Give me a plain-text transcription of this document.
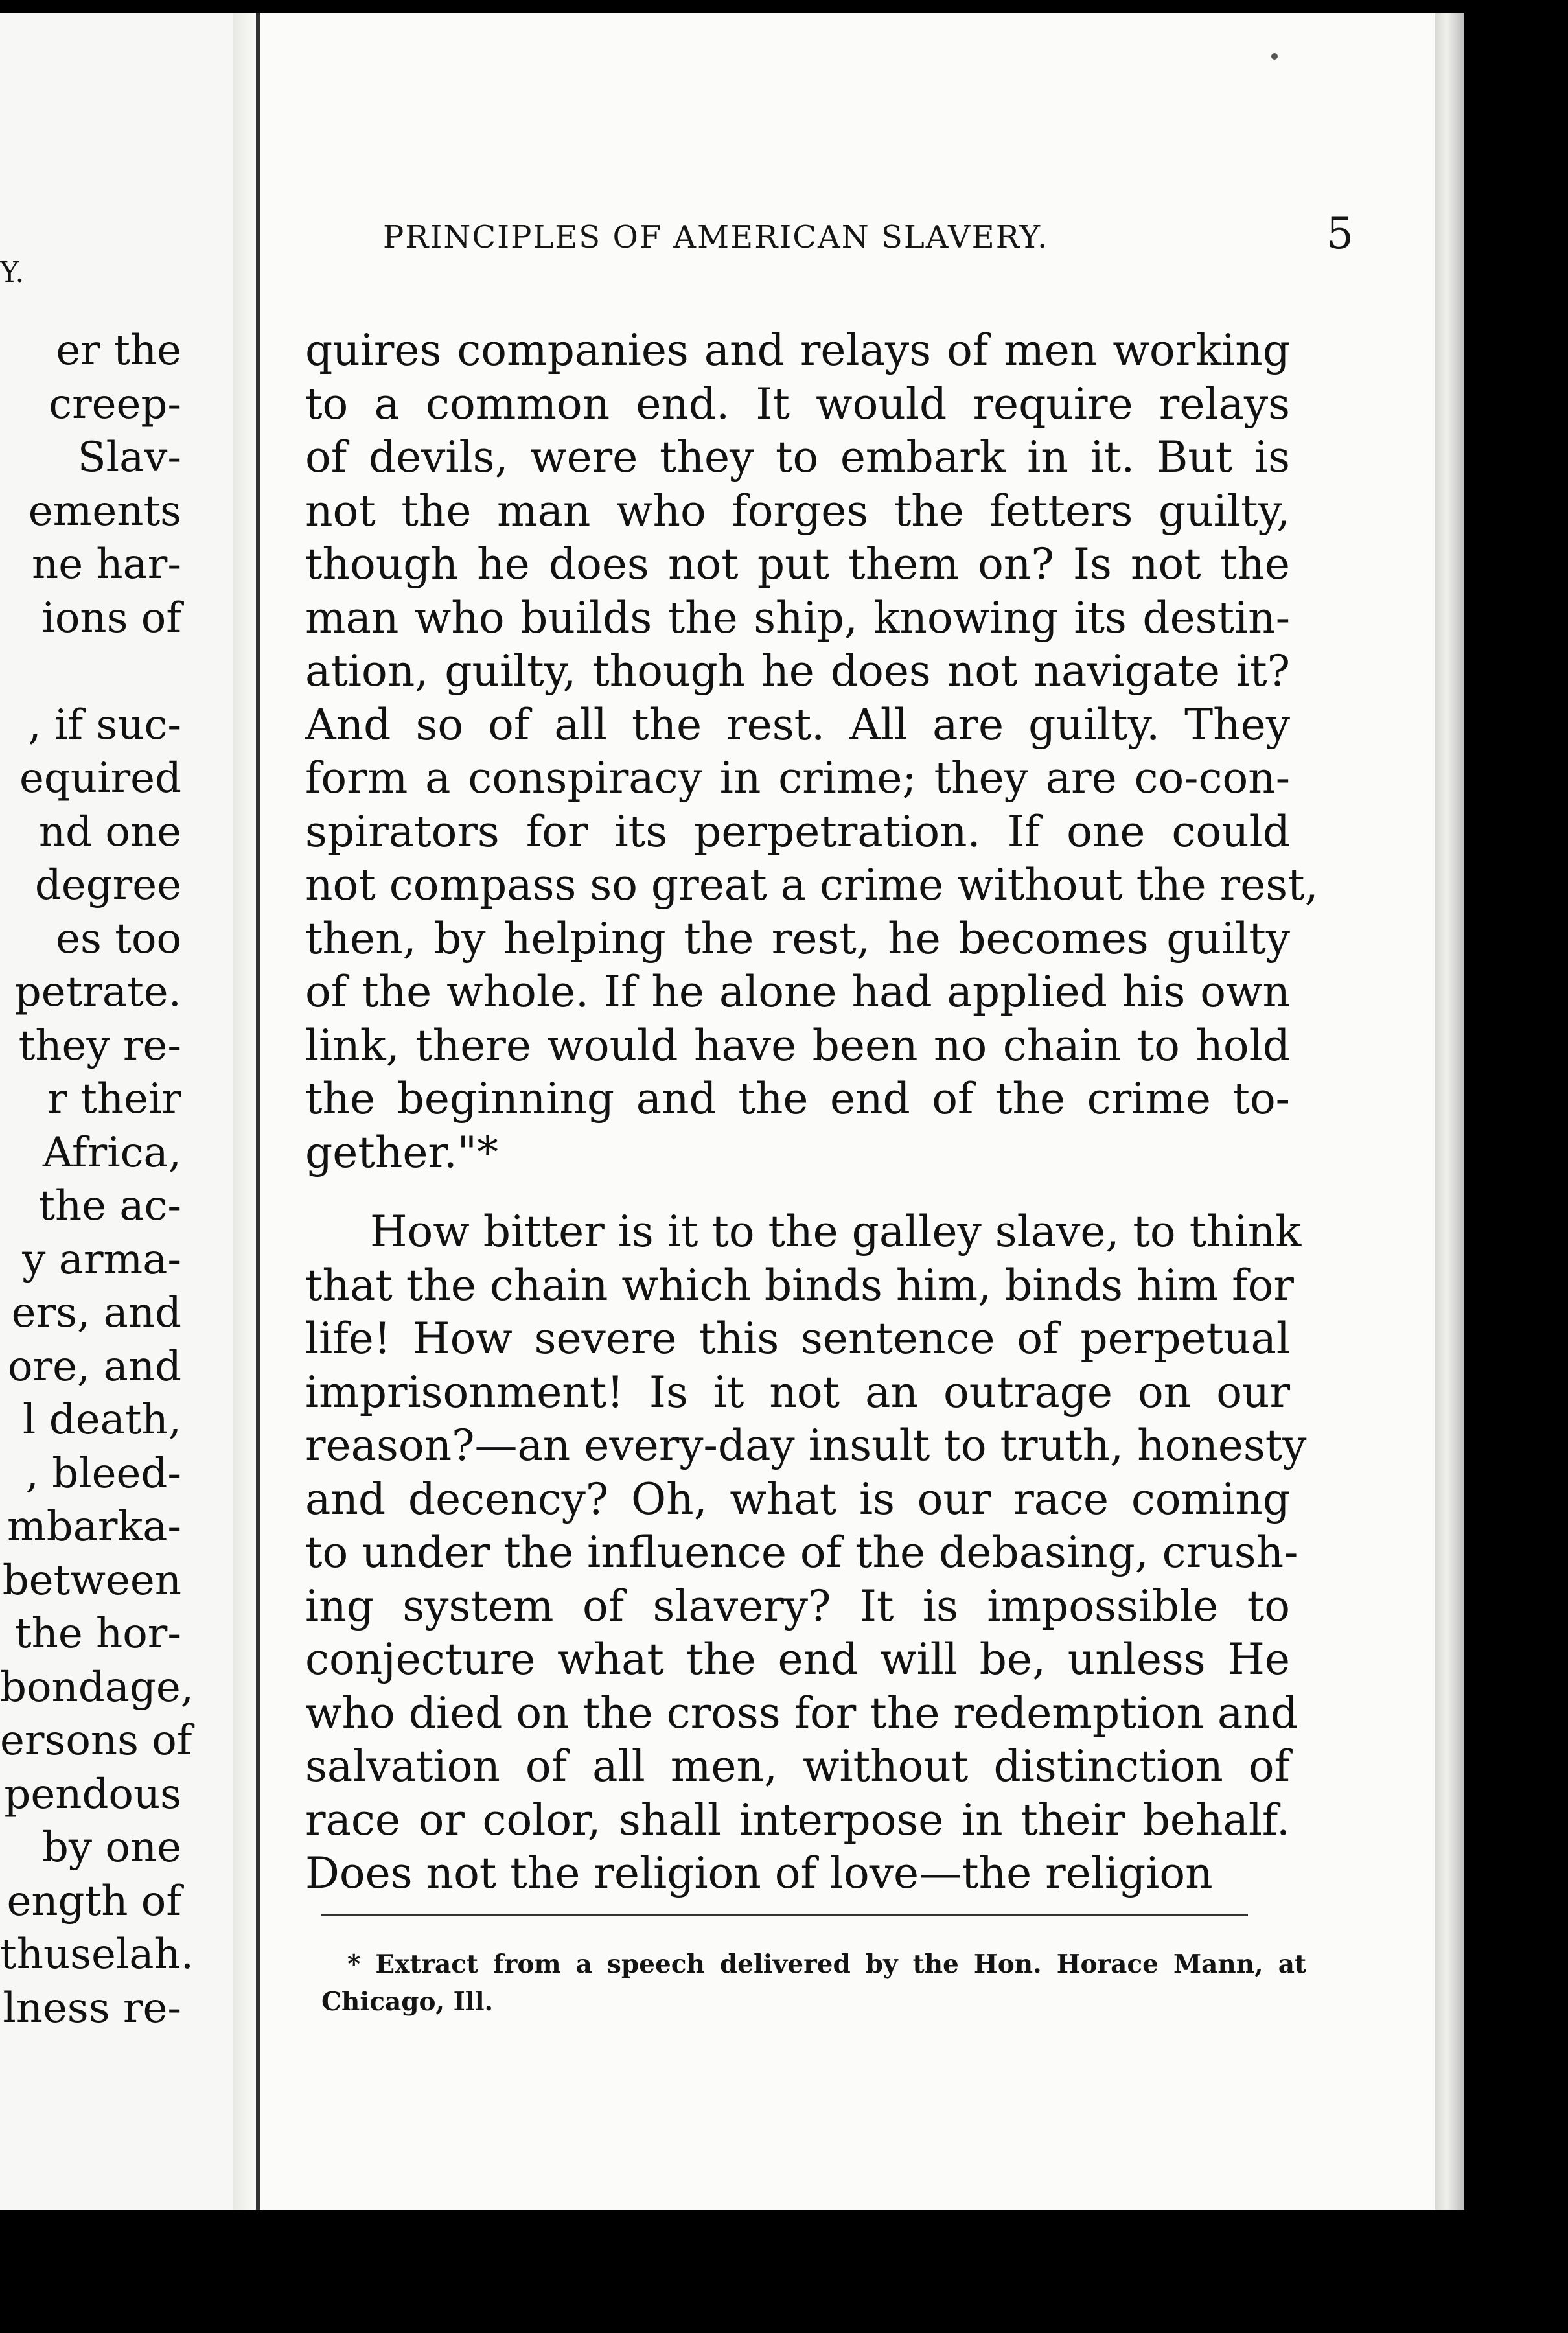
Y.
er the
creep-
Slav-
ements
ne har-
ions of
, if suc-
equired
nd one
degree
es too
petrate.
they re-
r their
Africa,
the ac-
y arma-
ers, and
ore, and
l death,
, bleed-
mbarka-
between
the hor-
bondage,
ersons of
pendous
by one
ength of
thuselah.
lness re-
PRINCIPLES OF AMERICAN SLAVERY.	5
quires companies and relays of men working
to a common end. It would require relays
of devils, were they to embark in it. But is
not the man who forges the fetters guilty,
though he does not put them on? Is not the
man who builds the ship, knowing its destin-
ation, guilty, though he does not navigate it?
And so of all the rest. All are guilty. They
form a conspiracy in crime; they are co-con-
spirators for its perpetration. If one could
not compass so great a crime without the rest,
then, by helping the rest, he becomes guilty
of the whole. If he alone had applied his own
link, there would have been no chain to hold
the beginning and the end of the crime to-
gether."*
How bitter is it to the galley slave, to think
that the chain which binds him, binds him for
life! How severe this sentence of perpetual
imprisonment! Is it not an outrage on our
reason?—an every-day insult to truth, honesty
and decency? Oh, what is our race coming
to under the influence of the debasing, crush-
ing system of slavery? It is impossible to
conjecture what the end will be, unless He
who died on the cross for the redemption and
salvation of all men, without distinction of
race or color, shall interpose in their behalf.
Does not the religion of love—the religion
* Extract from a speech delivered by the Hon. Horace Mann, at
Chicago, Ill.
